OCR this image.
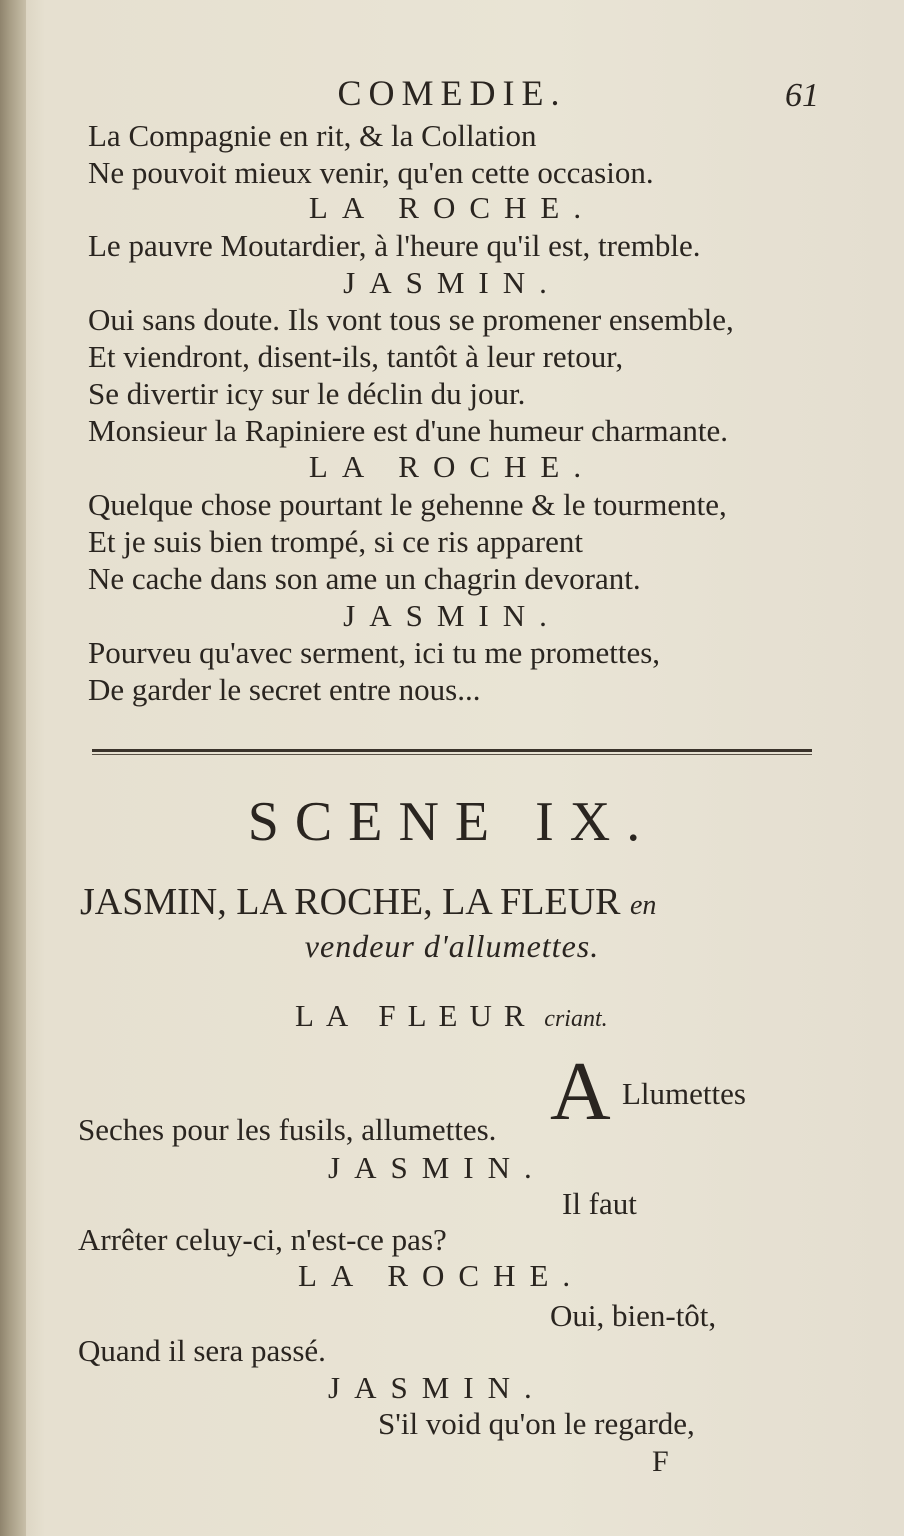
COMEDIE.	61
La Compagnie en rit, & la Collation
Ne pouvoit mieux venir, qu'en cette occasion.
LA ROCHE.
Le pauvre Moutardier, à l'heure qu'il est, tremble.
JASMIN.
Oui sans doute. Ils vont tous se promener ensemble,
Et viendront, disent-ils, tantôt à leur retour,
Se divertir icy sur le déclin du jour.
Monsieur la Rapiniere est d'une humeur charmante.
LA ROCHE.
Quelque chose pourtant le gehenne & le tourmente,
Et je suis bien trompé, si ce ris apparent
Ne cache dans son ame un chagrin devorant.
JASMIN.
Pourveu qu'avec serment, ici tu me promettes,
De garder le secret entre nous...
SCENE IX.
JASMIN, LA ROCHE, LA FLEUR en
vendeur d'allumettes.
LA FLEUR criant.
A Llumettes
Seches pour les fusils, allumettes.
JASMIN.
Il faut
Arrêter celuy-ci, n'est-ce pas?
LA ROCHE.
Oui, bien-tôt,
Quand il sera passé.
JASMIN.
S'il void qu'on le regarde,
F
